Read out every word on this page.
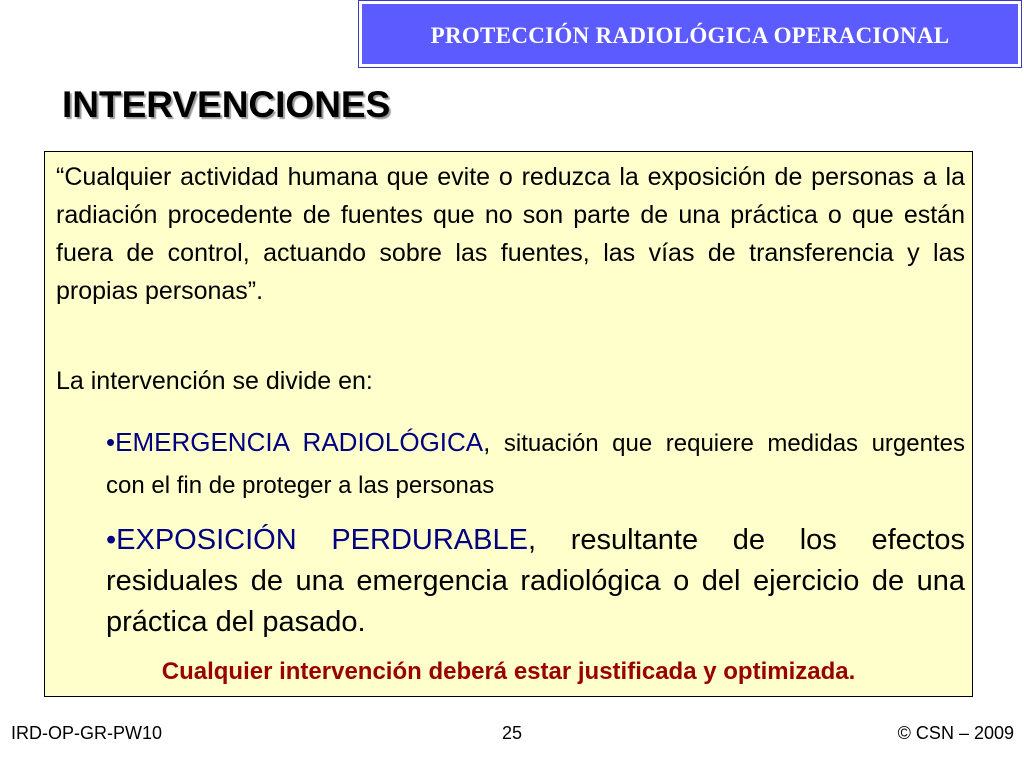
PROTECCIÓN RADIOLÓGICA OPERACIONAL
INTERVENCIONES

“Cualquier actividad humana que evite o reduzca la exposición de personas a la radiación procedente de fuentes que no son parte de una práctica o que están fuera de control, actuando sobre las fuentes, las vías de transferencia y las propias personas”.

La intervención se divide en:

•EMERGENCIA RADIOLÓGICA, situación que requiere medidas urgentes con el fin de proteger a las personas

•EXPOSICIÓN PERDURABLE, resultante de los efectos residuales de una emergencia radiológica o del ejercicio de una práctica del pasado.

Cualquier intervención deberá estar justificada y optimizada.

IRD-OP-GR-PW10	25	© CSN – 2009
